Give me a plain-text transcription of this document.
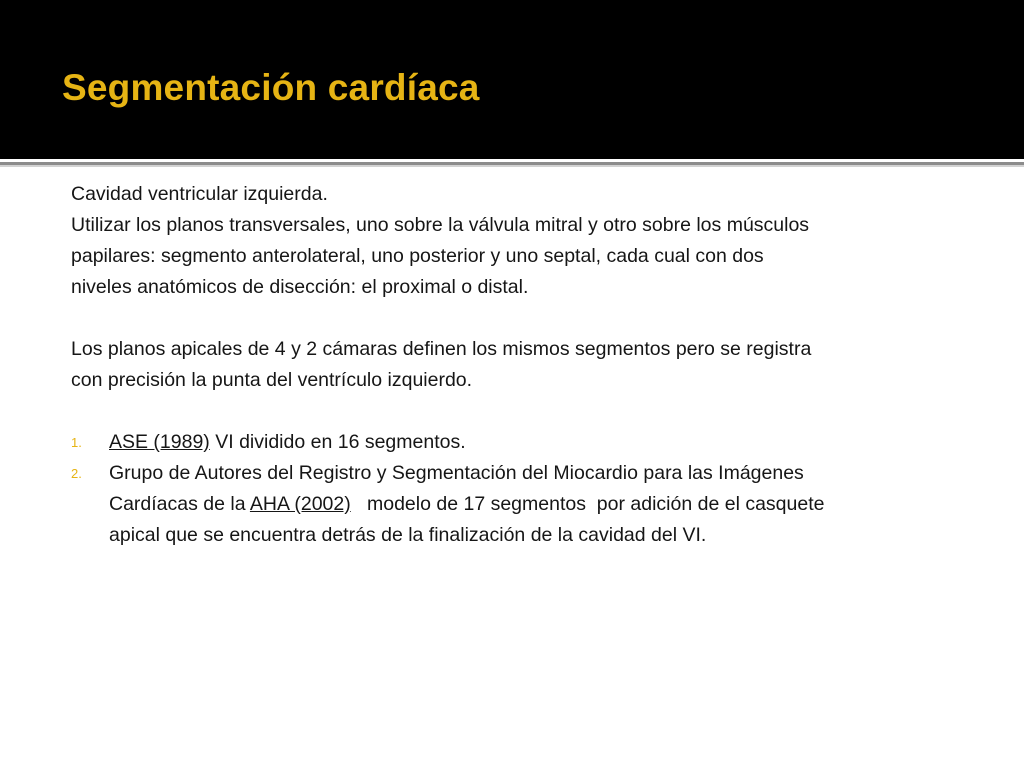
Segmentación cardíaca

Cavidad ventricular izquierda.

Utilizar los planos transversales, uno sobre la válvula mitral y otro sobre los músculos

papilares: segmento anterolateral, uno posterior y uno septal, cada cual con dos

niveles anatómicos de disección: el proximal o distal.

Los planos apicales de 4 y 2 cámaras definen los mismos segmentos pero se registra

con precisión la punta del ventrículo izquierdo.

1. ASE (1989) VI dividido en 16 segmentos.
2. Grupo de Autores del Registro y Segmentación del Miocardio para las Imágenes
Cardíacas de la AHA (2002)   modelo de 17 segmentos  por adición de el casquete
apical que se encuentra detrás de la finalización de la cavidad del VI.
